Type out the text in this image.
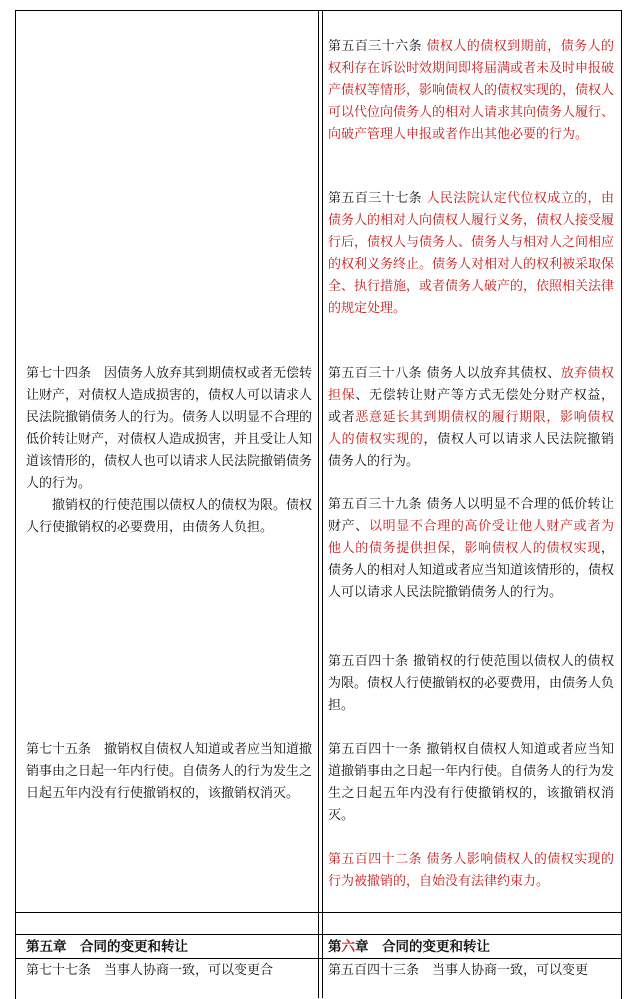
第五百三十六条 债权人的债权到期前，债务人的权利存在诉讼时效期间即将届满或者未及时申报破产债权等情形，影响债权人的债权实现的，债权人可以代位向债务人的相对人请求其向债务人履行、向破产管理人申报或者作出其他必要的行为。
第五百三十七条 人民法院认定代位权成立的，由债务人的相对人向债权人履行义务，债权人接受履行后，债权人与债务人、债务人与相对人之间相应的权利义务终止。债务人对相对人的权利被采取保全、执行措施，或者债务人破产的，依照相关法律的规定处理。
第五百三十八条 债务人以放弃其债权、放弃债权担保、无偿转让财产等方式无偿处分财产权益，或者恶意延长其到期债权的履行期限，影响债权人的债权实现的，债权人可以请求人民法院撤销债务人的行为。
第五百三十九条 债务人以明显不合理的低价转让财产、以明显不合理的高价受让他人财产或者为他人的债务提供担保，影响债权人的债权实现，债务人的相对人知道或者应当知道该情形的，债权人可以请求人民法院撤销债务人的行为。
第五百四十条 撤销权的行使范围以债权人的债权为限。债权人行使撤销权的必要费用，由债务人负担。
第五百四十一条 撤销权自债权人知道或者应当知道撤销事由之日起一年内行使。自债务人的行为发生之日起五年内没有行使撤销权的，该撤销权消灭。
第五百四十二条 债务人影响债权人的债权实现的行为被撤销的，自始没有法律约束力。
第六章　合同的变更和转让
第五百四十三条　当事人协商一致，可以变更
第七十四条　因债务人放弃其到期债权或者无偿转让财产，对债权人造成损害的，债权人可以请求人民法院撤销债务人的行为。债务人以明显不合理的低价转让财产，对债权人造成损害，并且受让人知道该情形的，债权人也可以请求人民法院撤销债务人的行为。
撤销权的行使范围以债权人的债权为限。债权人行使撤销权的必要费用，由债务人负担。
第七十五条　撤销权自债权人知道或者应当知道撤销事由之日起一年内行使。自债务人的行为发生之日起五年内没有行使撤销权的，该撤销权消灭。
第五章　合同的变更和转让
第七十七条　当事人协商一致，可以变更合
